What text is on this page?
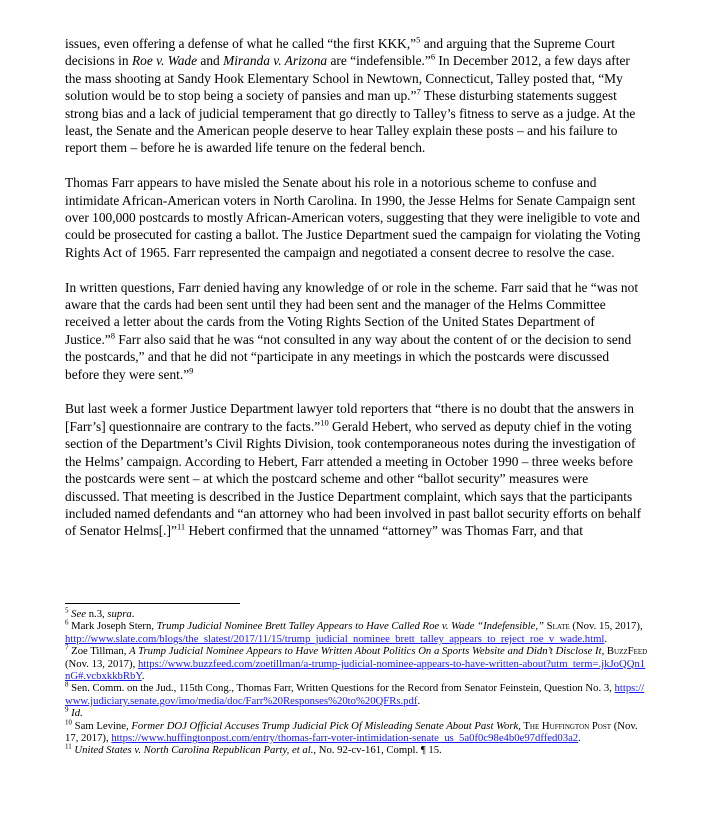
issues, even offering a defense of what he called “the first KKK,”$^5$ and arguing that the Supreme Court decisions in Roe v. Wade and Miranda v. Arizona are “indefensible.”$^6$ In December 2012, a few days after the mass shooting at Sandy Hook Elementary School in Newtown, Connecticut, Talley posted that, “My solution would be to stop being a society of pansies and man up.”$^7$ These disturbing statements suggest strong bias and a lack of judicial temperament that go directly to Talley’s fitness to serve as a judge. At the least, the Senate and the American people deserve to hear Talley explain these posts – and his failure to report them – before he is awarded life tenure on the federal bench.

Thomas Farr appears to have misled the Senate about his role in a notorious scheme to confuse and intimidate African-American voters in North Carolina. In 1990, the Jesse Helms for Senate Campaign sent over 100,000 postcards to mostly African-American voters, suggesting that they were ineligible to vote and could be prosecuted for casting a ballot. The Justice Department sued the campaign for violating the Voting Rights Act of 1965. Farr represented the campaign and negotiated a consent decree to resolve the case.

In written questions, Farr denied having any knowledge of or role in the scheme. Farr said that he “was not aware that the cards had been sent until they had been sent and the manager of the Helms Committee received a letter about the cards from the Voting Rights Section of the United States Department of Justice.”$^8$ Farr also said that he was “not consulted in any way about the content of or the decision to send the postcards,” and that he did not “participate in any meetings in which the postcards were discussed before they were sent.”$^9$

But last week a former Justice Department lawyer told reporters that “there is no doubt that the answers in [Farr’s] questionnaire are contrary to the facts.”$^{10}$ Gerald Hebert, who served as deputy chief in the voting section of the Department’s Civil Rights Division, took contemporaneous notes during the investigation of the Helms’ campaign. According to Hebert, Farr attended a meeting in October 1990 – three weeks before the postcards were sent – at which the postcard scheme and other “ballot security” measures were discussed. That meeting is described in the Justice Department complaint, which says that the participants included named defendants and “an attorney who had been involved in past ballot security efforts on behalf of Senator Helms[.]”$^{11}$ Hebert confirmed that the unnamed “attorney” was Thomas Farr, and that

$^5$ See n.3, supra.

$^6$ Mark Joseph Stern, Trump Judicial Nominee Brett Talley Appears to Have Called Roe v. Wade “Indefensible,” Slate (Nov. 15, 2017),
http://www.slate.com/blogs/the_slatest/2017/11/15/trump_judicial_nominee_brett_talley_appears_to_reject_roe_v_wade.html.

$^7$ Zoe Tillman, A Trump Judicial Nominee Appears to Have Written About Politics On a Sports Website and Didn’t Disclose It, BuzzFeed (Nov. 13, 2017), https://www.buzzfeed.com/zoetillman/a-trump-judicial-nominee-appears-to-have-written-about?utm_term=.jkJoQQn1nG#.vcbxkkbRbY.

$^8$ Sen. Comm. on the Jud., 115th Cong., Thomas Farr, Written Questions for the Record from Senator Feinstein, Question No. 3, https://www.judiciary.senate.gov/imo/media/doc/Farr%20Responses%20to%20QFRs.pdf.

$^9$ Id.

$^{10}$ Sam Levine, Former DOJ Official Accuses Trump Judicial Pick Of Misleading Senate About Past Work, The Huffington Post (Nov. 17, 2017), https://www.huffingtonpost.com/entry/thomas-farr-voter-intimidation-senate_us_5a0f0c98e4b0e97dffed03a2.

$^{11}$ United States v. North Carolina Republican Party, et al., No. 92-cv-161, Compl. ¶ 15.
